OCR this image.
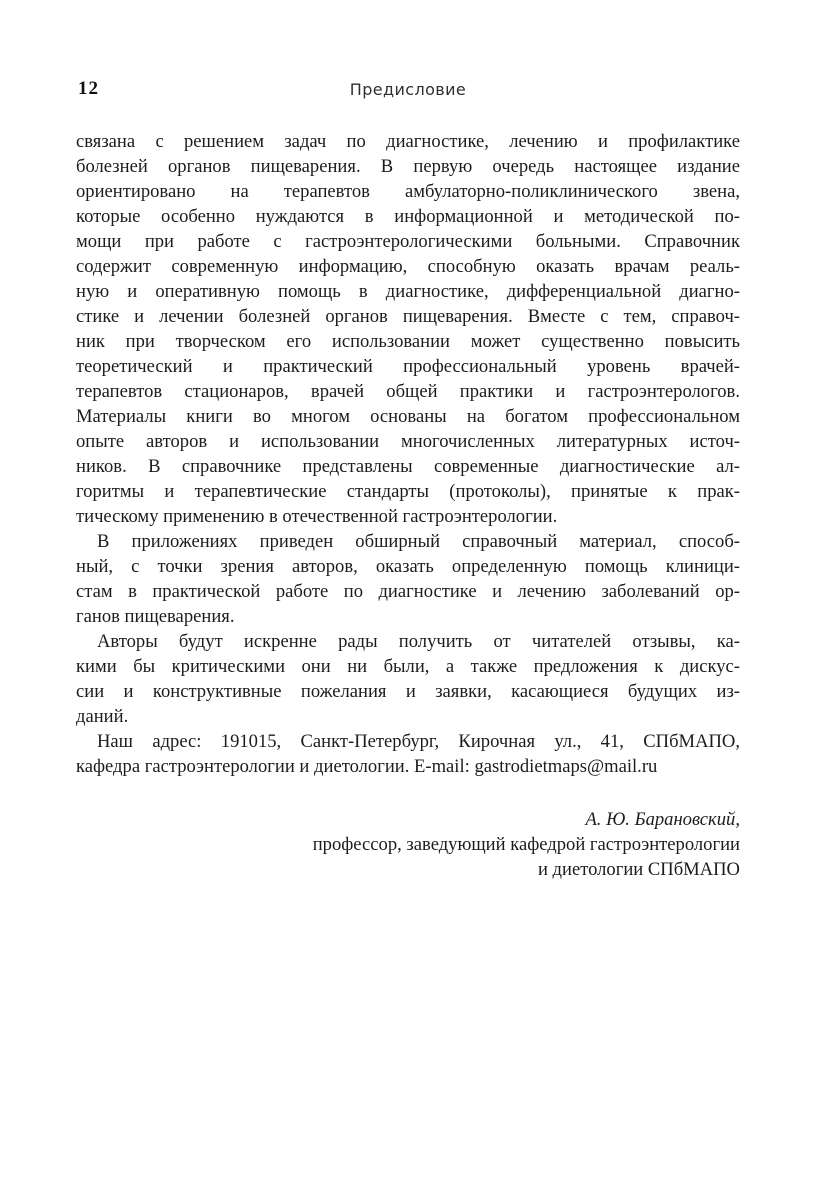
12	Предисловие
связана с решением задач по диагностике, лечению и профилактике
болезней органов пищеварения. В первую очередь настоящее издание
ориентировано на терапевтов амбулаторно-поликлинического звена,
которые особенно нуждаются в информационной и методической по-
мощи при работе с гастроэнтерологическими больными. Справочник
содержит современную информацию, способную оказать врачам реаль-
ную и оперативную помощь в диагностике, дифференциальной диагно-
стике и лечении болезней органов пищеварения. Вместе с тем, справоч-
ник при творческом его использовании может существенно повысить
теоретический и практический профессиональный уровень врачей-
терапевтов стационаров, врачей общей практики и гастроэнтерологов.
Материалы книги во многом основаны на богатом профессиональном
опыте авторов и использовании многочисленных литературных источ-
ников. В справочнике представлены современные диагностические ал-
горитмы и терапевтические стандарты (протоколы), принятые к прак-
тическому применению в отечественной гастроэнтерологии.
В приложениях приведен обширный справочный материал, способ-
ный, с точки зрения авторов, оказать определенную помощь клиници-
стам в практической работе по диагностике и лечению заболеваний ор-
ганов пищеварения.
Авторы будут искренне рады получить от читателей отзывы, ка-
кими бы критическими они ни были, а также предложения к дискус-
сии и конструктивные пожелания и заявки, касающиеся будущих из-
даний.
Наш адрес: 191015, Санкт-Петербург, Кирочная ул., 41, СПбМАПО,
кафедра гастроэнтерологии и диетологии. E-mail: gastrodietmaps@mail.ru
А. Ю. Барановский,
профессор, заведующий кафедрой гастроэнтерологии
и диетологии СПбМАПО
